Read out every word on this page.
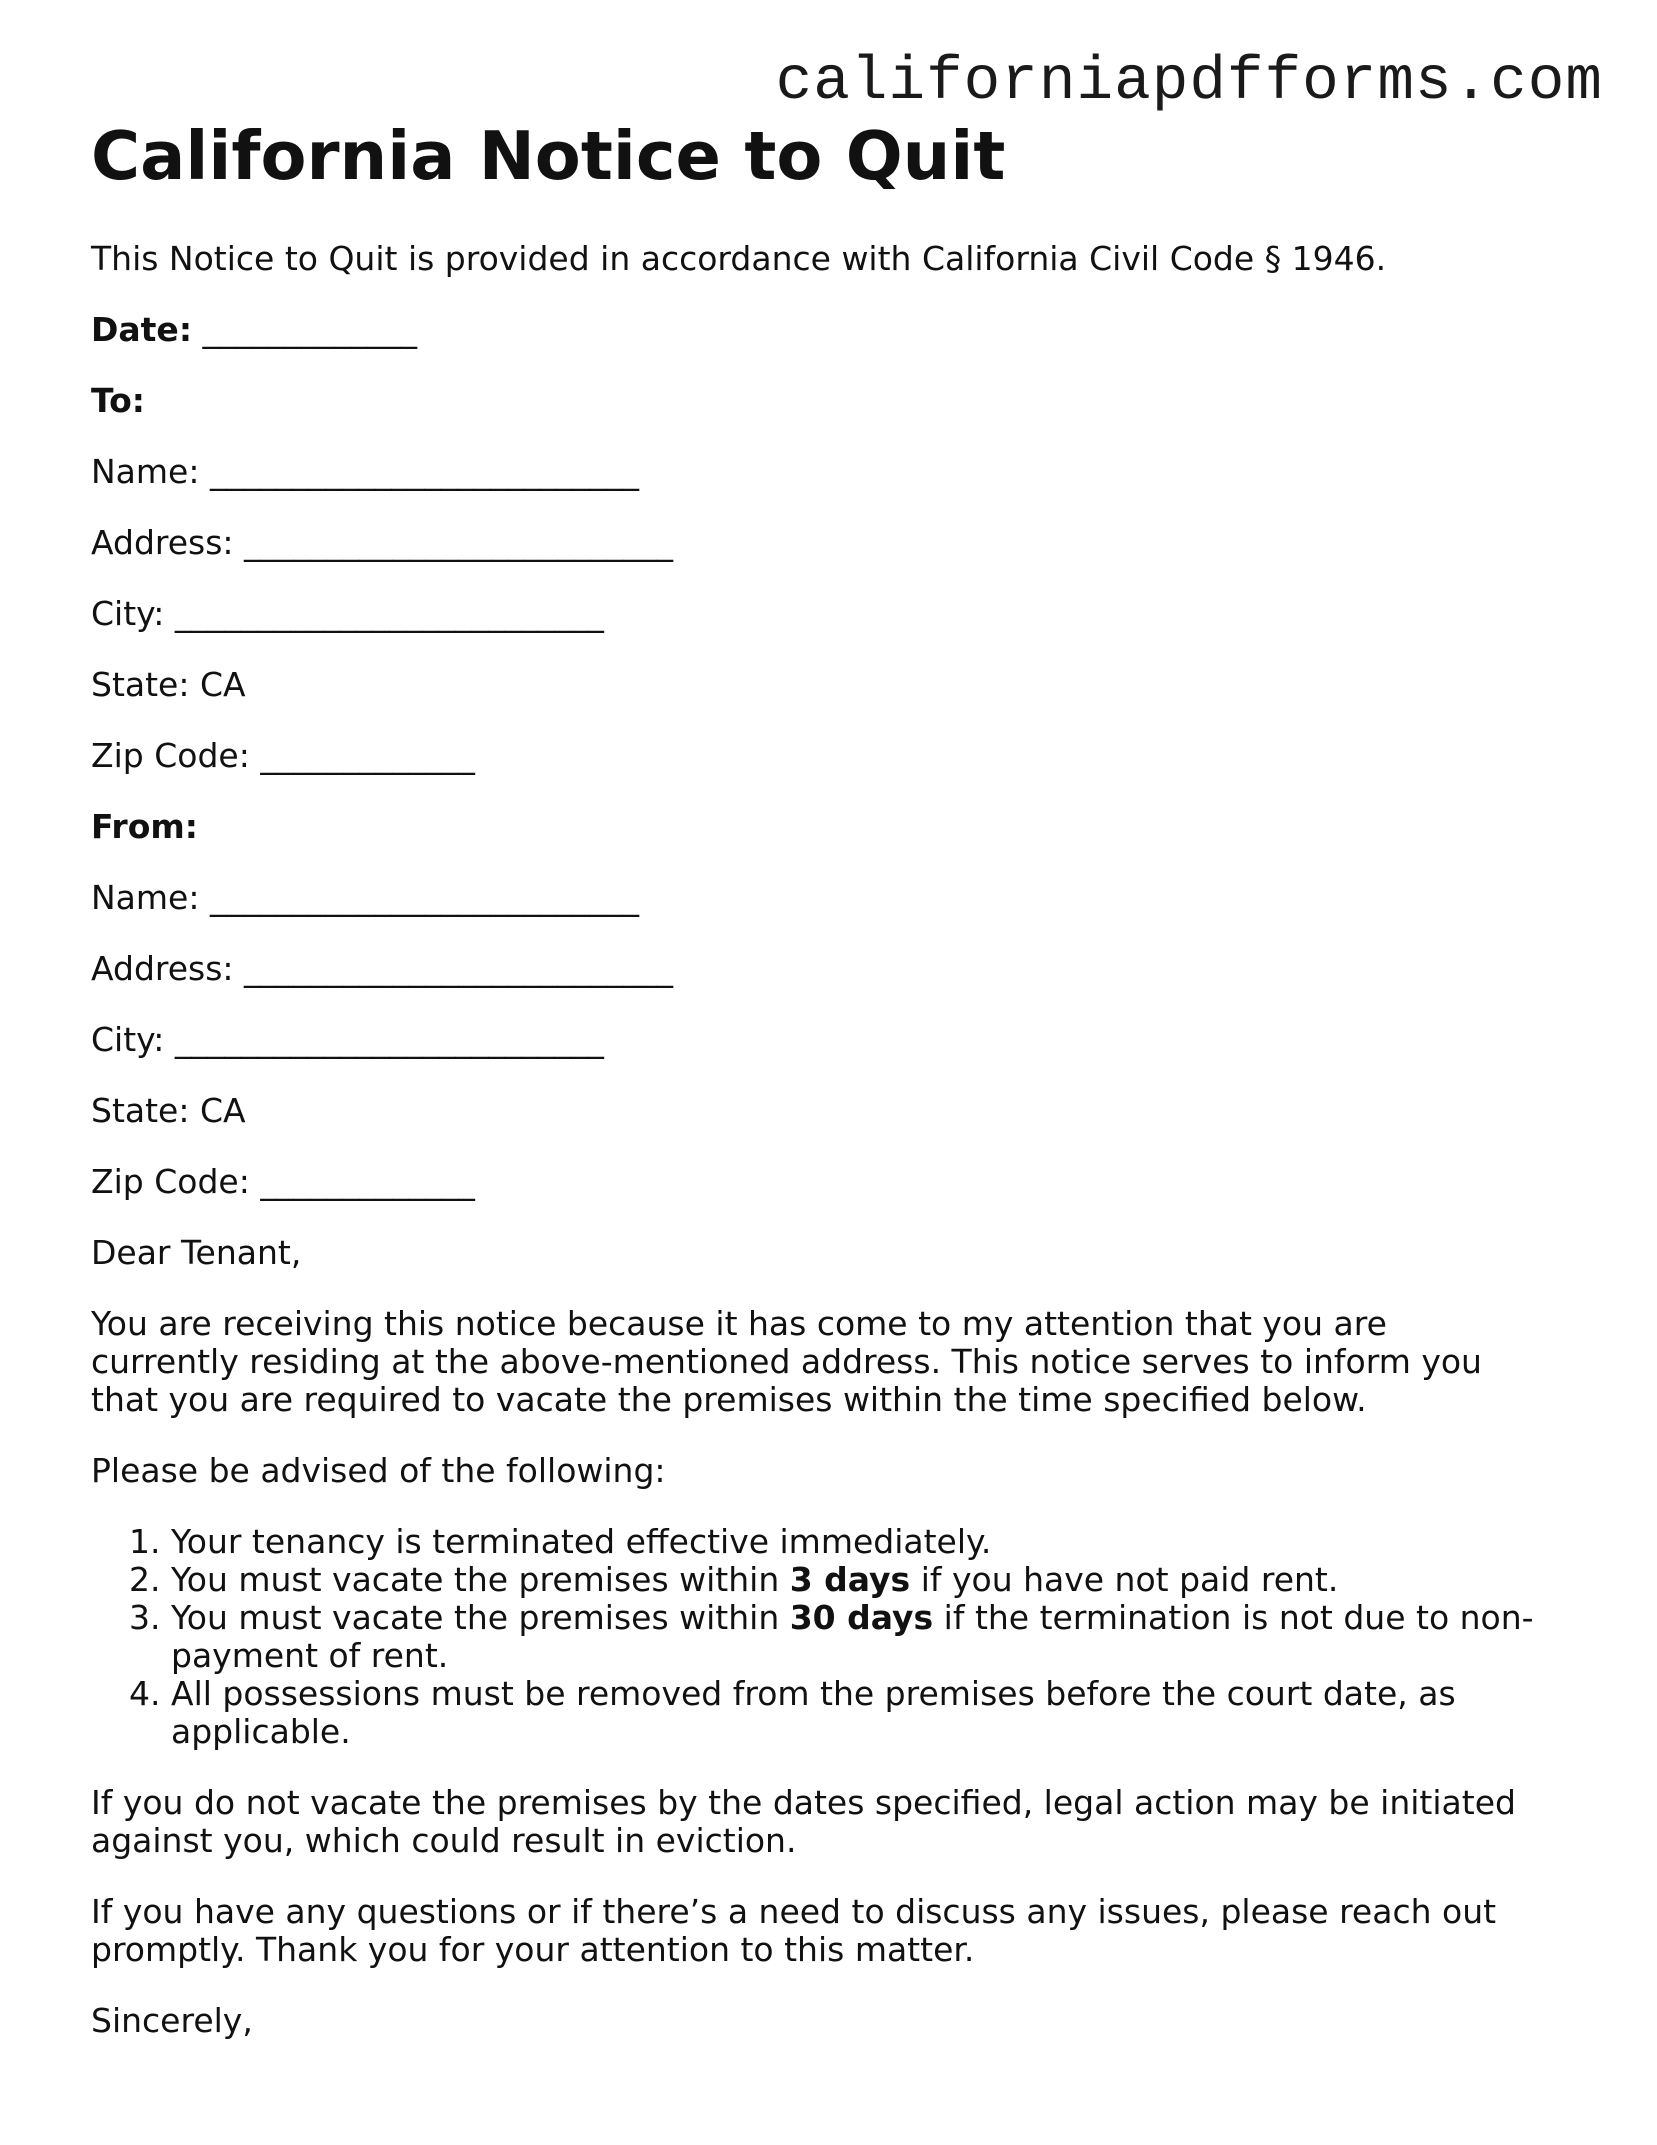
californiapdfforms.com
California Notice to Quit

This Notice to Quit is provided in accordance with California Civil Code § 1946.

Date: _____________
To:
Name: __________________________
Address: __________________________
City: __________________________
State: CA
Zip Code: _____________
From:
Name: __________________________
Address: __________________________
City: __________________________
State: CA
Zip Code: _____________

Dear Tenant,

You are receiving this notice because it has come to my attention that you are currently residing at the above-mentioned address. This notice serves to inform you that you are required to vacate the premises within the time specified below.

Please be advised of the following:

1. Your tenancy is terminated effective immediately.
2. You must vacate the premises within 3 days if you have not paid rent.
3. You must vacate the premises within 30 days if the termination is not due to non-payment of rent.
4. All possessions must be removed from the premises before the court date, as applicable.

If you do not vacate the premises by the dates specified, legal action may be initiated against you, which could result in eviction.

If you have any questions or if there’s a need to discuss any issues, please reach out promptly. Thank you for your attention to this matter.

Sincerely,
